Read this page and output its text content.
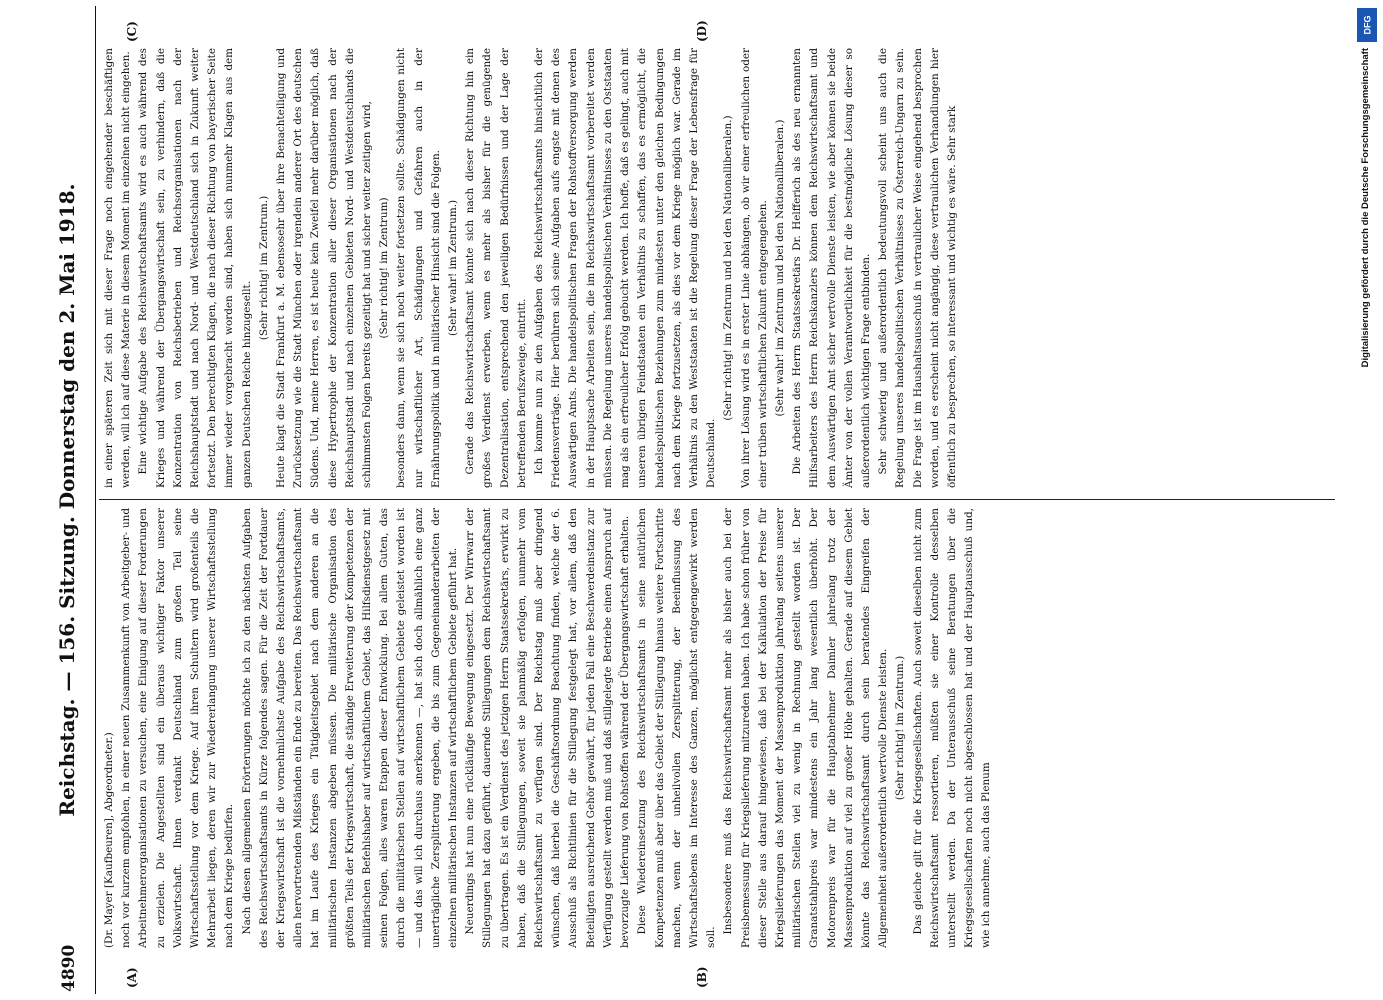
4890
Reichstag. — 156. Sitzung. Donnerstag den 2. Mai 1918.
(A)	(B)
(C)	(D)

(Dr. Mayer [Kaufbeuren], Abgeordneter.) noch vor kurzem empfohlen, in einer neuen Zusammenkunft von Arbeitgeber- und Arbeitnehmerorganisationen zu versuchen, eine Einigung auf dieser Forderungen zu erzielen. Die Angestellten sind ein überaus wichtiger Faktor unserer Volkswirtschaft. Ihnen verdankt Deutschland zum großen Teil seine Wirtschaftsstellung vor dem Kriege. Auf ihren Schultern wird großenteils die Mehrarbeit liegen, deren wir zur Wiedererlangung unserer Wirtschaftsstellung nach dem Kriege bedürfen. Nach diesen allgemeinen Erörterungen möchte ich zu den nächsten Aufgaben des Reichswirtschaftsamts in Kürze folgendes sagen. Für die Zeit der Fortdauer der Kriegswirtschaft ist die vornehmlichste Aufgabe des Reichswirtschaftsamts, allen hervortretenden Mißständen ein Ende zu bereiten. Das Reichswirtschaftsamt hat im Laufe des Krieges ein Tätigkeitsgebiet nach dem anderen an die militärischen Instanzen abgeben müssen. Die militärische Organisation des größten Teils der Kriegswirtschaft, die ständige Erweiterung der Kompetenzen der militärischen Befehlshaber auf wirtschaftlichem Gebiet, das Hilfsdienstgesetz mit seinen Folgen, alles waren Etappen dieser Entwicklung. Bei allem Guten, das durch die militärischen Stellen auf wirtschaftlichem Gebiete geleistet worden ist — und das will ich durchaus anerkennen —, hat sich doch allmählich eine ganz unerträgliche Zersplitterung ergeben, die bis zum Gegeneinanderarbeiten der einzelnen militärischen Instanzen auf wirtschaftlichem Gebiete geführt hat. Neuerdings hat nun eine rückläufige Bewegung eingesetzt. Der Wirrwarr der Stillegungen hat dazu geführt, dauernde Stillegungen dem Reichswirtschaftsamt zu übertragen. Es ist ein Verdienst des jetzigen Herrn Staatssekretärs, erwirkt zu haben, daß die Stillegungen, soweit sie planmäßig erfolgen, nunmehr vom Reichswirtschaftsamt zu verfügen sind. Der Reichstag muß aber dringend wünschen, daß hierbei die Geschäftsordnung Beachtung finden, welche der 6. Ausschuß als Richtlinien für die Stillegung festgelegt hat, vor allem, daß den Beteiligten ausreichend Gehör gewährt, für jeden Fall eine Beschwerdeinstanz zur Verfügung gestellt werden muß und daß stillgelegte Betriebe einen Anspruch auf bevorzugte Lieferung von Rohstoffen während der Übergangswirtschaft erhalten. Diese Wiedereinsetzung des Reichswirtschaftsamts in seine natürlichen Kompetenzen muß aber über das Gebiet der Stillegung hinaus weitere Fortschritte machen, wenn der unheilvollen Zersplitterung, der Beeinflussung des Wirtschaftslebens im Interesse des Ganzen, möglichst entgegengewirkt werden soll.

Insbesondere muß das Reichswirtschaftsamt mehr als bisher auch bei der Preisbemessung für Kriegslieferung mitzureden haben. Ich habe schon früher von dieser Stelle aus darauf hingewiesen, daß bei der Kalkulation der Preise für Kriegslieferungen das Moment der Massenproduktion jahrelang seitens unserer militärischen Stellen viel zu wenig in Rechnung gestellt worden ist. Der Granatstahlpreis war mindestens ein Jahr lang wesentlich überhöht. Der Motorenpreis war für die Hauptabnehmer Daimler jahrelang trotz der Massenproduktion auf viel zu großer Höhe gehalten. Gerade auf diesem Gebiet könnte das Reichswirtschaftsamt durch sein beratendes Eingreifen der Allgemeinheit außerordentlich wertvolle Dienste leisten. (Sehr richtig! im Zentrum.) Das gleiche gilt für die Kriegsgesellschaften. Auch soweit dieselben nicht zum Reichswirtschaftsamt ressortieren, müßten sie einer Kontrolle desselben unterstellt werden. Da der Unterausschuß seine Beratungen über die Kriegsgesellschaften noch nicht abgeschlossen hat und der Hauptausschuß und, wie ich annehme, auch das Plenum

in einer späteren Zeit sich mit dieser Frage noch eingehender beschäftigen werden, will ich auf diese Materie in diesem Moment im einzelnen nicht eingehen. Eine wichtige Aufgabe des Reichswirtschaftsamts wird es auch während des Krieges und während der Übergangswirtschaft sein, zu verhindern, daß die Konzentration von Reichsbetrieben und Reichsorganisationen nach der Reichshauptstadt und nach Nord- und Westdeutschland sich in Zukunft weiter fortsetzt. Den berechtigten Klagen, die nach dieser Richtung von bayerischer Seite immer wieder vorgebracht worden sind, haben sich nunmehr Klagen aus dem ganzen Deutschen Reiche hinzugesellt.

(Sehr richtig! im Zentrum.) Heute klagt die Stadt Frankfurt a. M. ebensosehr über ihre Benachteiligung und Zurücksetzung wie die Stadt München oder irgendein anderer Ort des deutschen Südens. Und, meine Herren, es ist heute kein Zweifel mehr darüber möglich, daß diese Hypertrophie der Konzentration aller dieser Organisationen nach der Reichshauptstadt und nach einzelnen Gebieten Nord- und Westdeutschlands die schlimmsten Folgen bereits gezeitigt hat und sicher weiter zeitigen wird, (Sehr richtig! im Zentrum) besonders dann, wenn sie sich noch weiter fortsetzen sollte. Schädigungen nicht nur wirtschaftlicher Art, Schädigungen und Gefahren auch in der Ernährungspolitik und in militärischer Hinsicht sind die Folgen. (Sehr wahr! im Zentrum.) Gerade das Reichswirtschaftsamt könnte sich nach dieser Richtung hin ein großes Verdienst erwerben, wenn es mehr als bisher für die genügende Dezentralisation, entsprechend den jeweiligen Bedürfnissen und der Lage der betreffenden Berufszweige, eintritt. Ich komme nun zu den Aufgaben des Reichswirtschaftsamts hinsichtlich der Friedensverträge. Hier berühren sich seine Aufgaben aufs engste mit denen des Auswärtigen Amts. Die handelspolitischen Fragen der Rohstoffversorgung werden in der Hauptsache Arbeiten sein, die im Reichswirtschaftsamt vorbereitet werden müssen. Die Regelung unseres handelspolitischen Verhältnisses zu den Oststaaten mag als ein erfreulicher Erfolg gebucht werden. Ich hoffe, daß es gelingt, auch mit unseren übrigen Feindstaaten ein Verhältnis zu schaffen, das es ermöglicht, die handelspolitischen Beziehungen zum mindesten unter den gleichen Bedingungen nach dem Kriege fortzusetzen, als dies vor dem Kriege möglich war. Gerade im Verhältnis zu den Weststaaten ist die Regelung dieser Frage der Lebensfrage für Deutschland.

(Sehr richtig! im Zentrum und bei den Nationalliberalen.) Von ihrer Lösung wird es in erster Linie abhängen, ob wir einer erfreulichen oder einer trüben wirtschaftlichen Zukunft entgegengehen. (Sehr wahr! im Zentrum und bei den Nationalliberalen.) Die Arbeiten des Herrn Staatssekretärs Dr. Helfferich als des neu ernannten Hilfsarbeiters des Herrn Reichskanzlers können dem Reichswirtschaftsamt und dem Auswärtigen Amt sicher wertvolle Dienste leisten, wie aber können sie beide Ämter von der vollen Verantwortlichkeit für die bestmögliche Lösung dieser so außerordentlich wichtigen Frage entbinden. Sehr schwierig und außerordentlich bedeutungsvoll scheint uns auch die Regelung unseres handelspolitischen Verhältnisses zu Österreich-Ungarn zu sein. Die Frage ist im Haushaltsausschuß in vertraulicher Weise eingehend besprochen worden, und es erscheint nicht angängig, diese vertraulichen Verhandlungen hier öffentlich zu besprechen, so interessant und wichtig es wäre. Sehr stark

DFG
Digitalisierung gefördert durch die Deutsche Forschungsgemeinschaft
